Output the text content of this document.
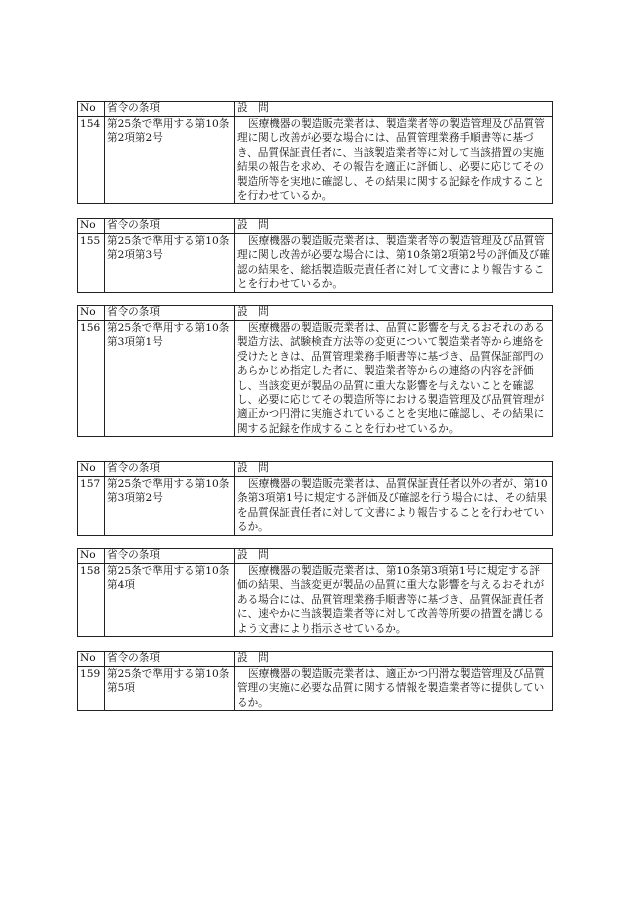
No	省令の条項	設　問
154	第25条で準用する第10条第2項第2号	医療機器の製造販売業者は、製造業者等の製造管理及び品質管理に関し改善が必要な場合には、品質管理業務手順書等に基づき、品質保証責任者に、当該製造業者等に対して当該措置の実施結果の報告を求め、その報告を適正に評価し、必要に応じてその製造所等を実地に確認し、その結果に関する記録を作成することを行わせているか。
No	省令の条項	設　問
155	第25条で準用する第10条第2項第3号	医療機器の製造販売業者は、製造業者等の製造管理及び品質管理に関し改善が必要な場合には、第10条第2項第2号の評価及び確認の結果を、総括製造販売責任者に対して文書により報告することを行わせているか。
No	省令の条項	設　問
156	第25条で準用する第10条第3項第1号	医療機器の製造販売業者は、品質に影響を与えるおそれのある製造方法、試験検査方法等の変更について製造業者等から連絡を受けたときは、品質管理業務手順書等に基づき、品質保証部門のあらかじめ指定した者に、製造業者等からの連絡の内容を評価し、当該変更が製品の品質に重大な影響を与えないことを確認し、必要に応じてその製造所等における製造管理及び品質管理が適正かつ円滑に実施されていることを実地に確認し、その結果に関する記録を作成することを行わせているか。
No	省令の条項	設　問
157	第25条で準用する第10条第3項第2号	医療機器の製造販売業者は、品質保証責任者以外の者が、第10条第3項第1号に規定する評価及び確認を行う場合には、その結果を品質保証責任者に対して文書により報告することを行わせているか。
No	省令の条項	設　問
158	第25条で準用する第10条第4項	医療機器の製造販売業者は、第10条第3項第1号に規定する評価の結果、当該変更が製品の品質に重大な影響を与えるおそれがある場合には、品質管理業務手順書等に基づき、品質保証責任者に、速やかに当該製造業者等に対して改善等所要の措置を講じるよう文書により指示させているか。
No	省令の条項	設　問
159	第25条で準用する第10条第5項	医療機器の製造販売業者は、適正かつ円滑な製造管理及び品質管理の実施に必要な品質に関する情報を製造業者等に提供しているか。
